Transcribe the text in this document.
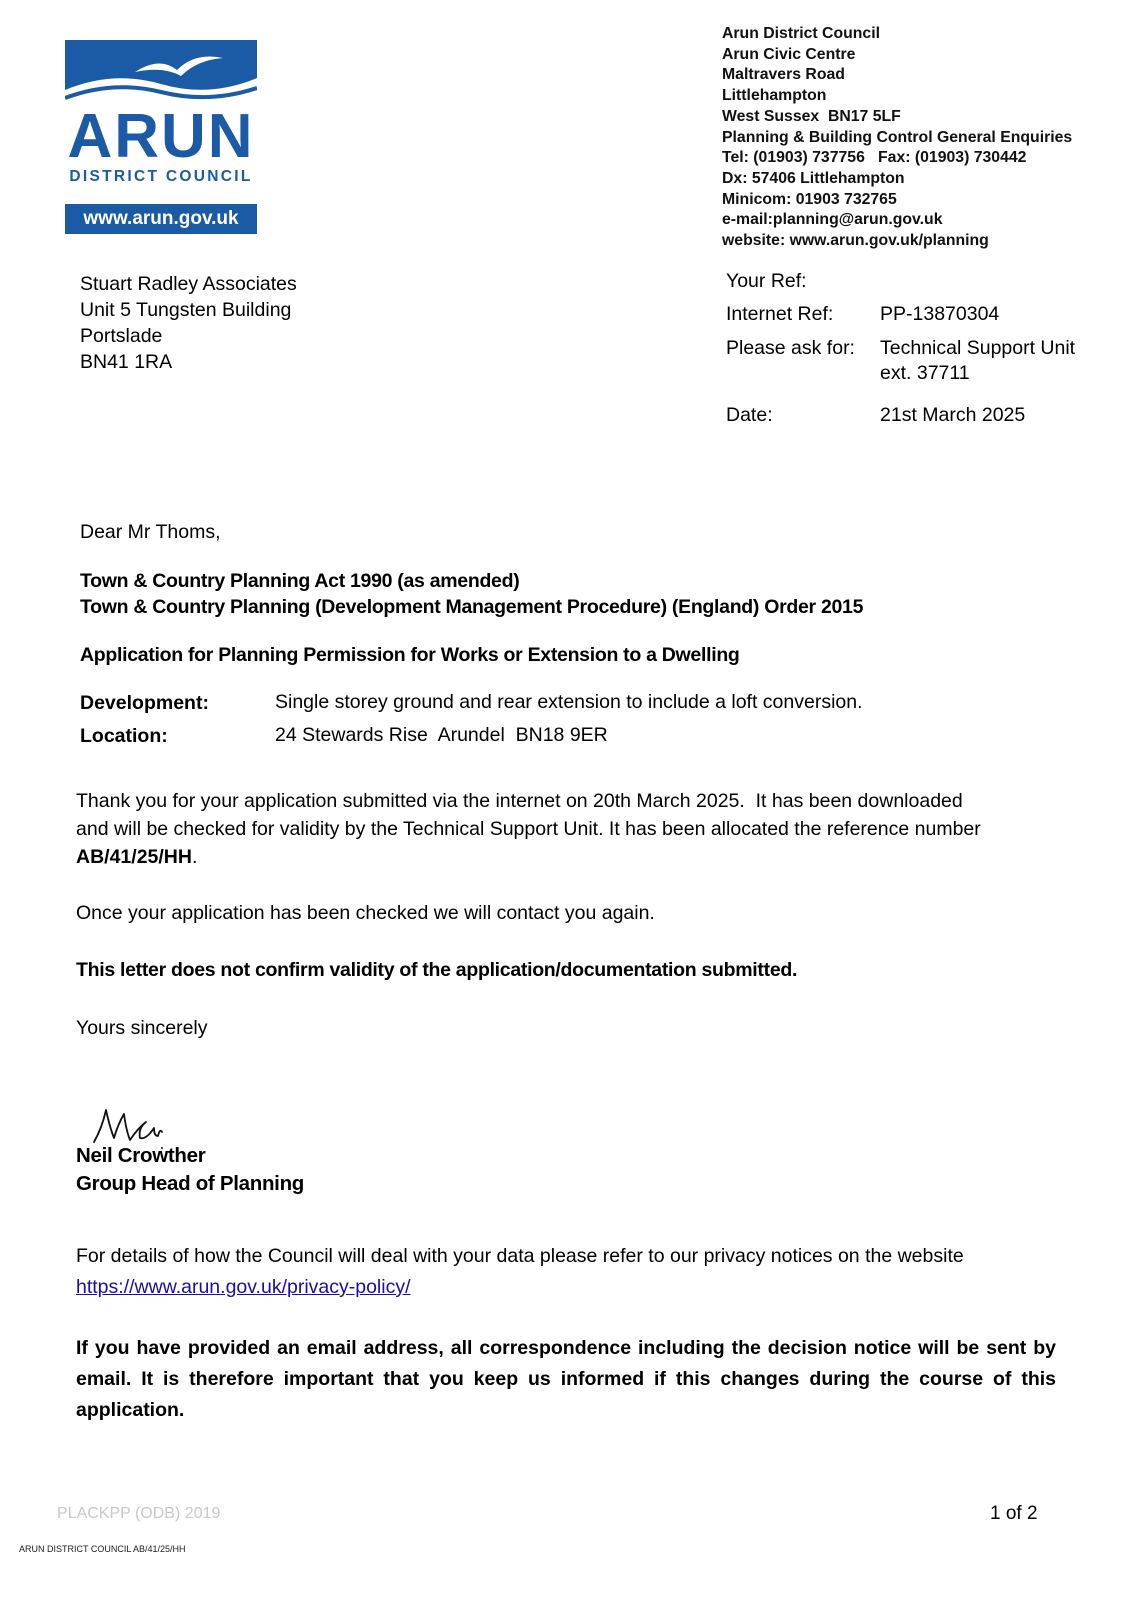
ARUN
DISTRICT COUNCIL
www.arun.gov.uk
Arun District Council
Arun Civic Centre
Maltravers Road
Littlehampton
West Sussex  BN17 5LF
Planning & Building Control General Enquiries
Tel: (01903) 737756   Fax: (01903) 730442
Dx: 57406 Littlehampton
Minicom: 01903 732765
e-mail:planning@arun.gov.uk
website: www.arun.gov.uk/planning
Stuart Radley Associates
Unit 5 Tungsten Building
Portslade
BN41 1RA
Your Ref:
Internet Ref: PP-13870304
Please ask for: Technical Support Unit
ext. 37711
Date:	21st March 2025
Dear Mr Thoms,
Town & Country Planning Act 1990 (as amended)
Town & Country Planning (Development Management Procedure) (England) Order 2015
Application for Planning Permission for Works or Extension to a Dwelling
Development:	Single storey ground and rear extension to include a loft conversion.
Location:	24 Stewards Rise  Arundel  BN18 9ER
Thank you for your application submitted via the internet on 20th March 2025.  It has been downloaded
and will be checked for validity by the Technical Support Unit. It has been allocated the reference number
AB/41/25/HH.
Once your application has been checked we will contact you again.
This letter does not confirm validity of the application/documentation submitted.
Yours sincerely
Neil Crowther
Group Head of Planning
For details of how the Council will deal with your data please refer to our privacy notices on the website
https://www.arun.gov.uk/privacy-policy/
If you have provided an email address, all correspondence including the decision notice will be sent by
email. It is therefore important that you keep us informed if this changes during the course of this
application.
PLACKPP (ODB) 2019	1 of 2
ARUN DISTRICT COUNCIL AB/41/25/HH
